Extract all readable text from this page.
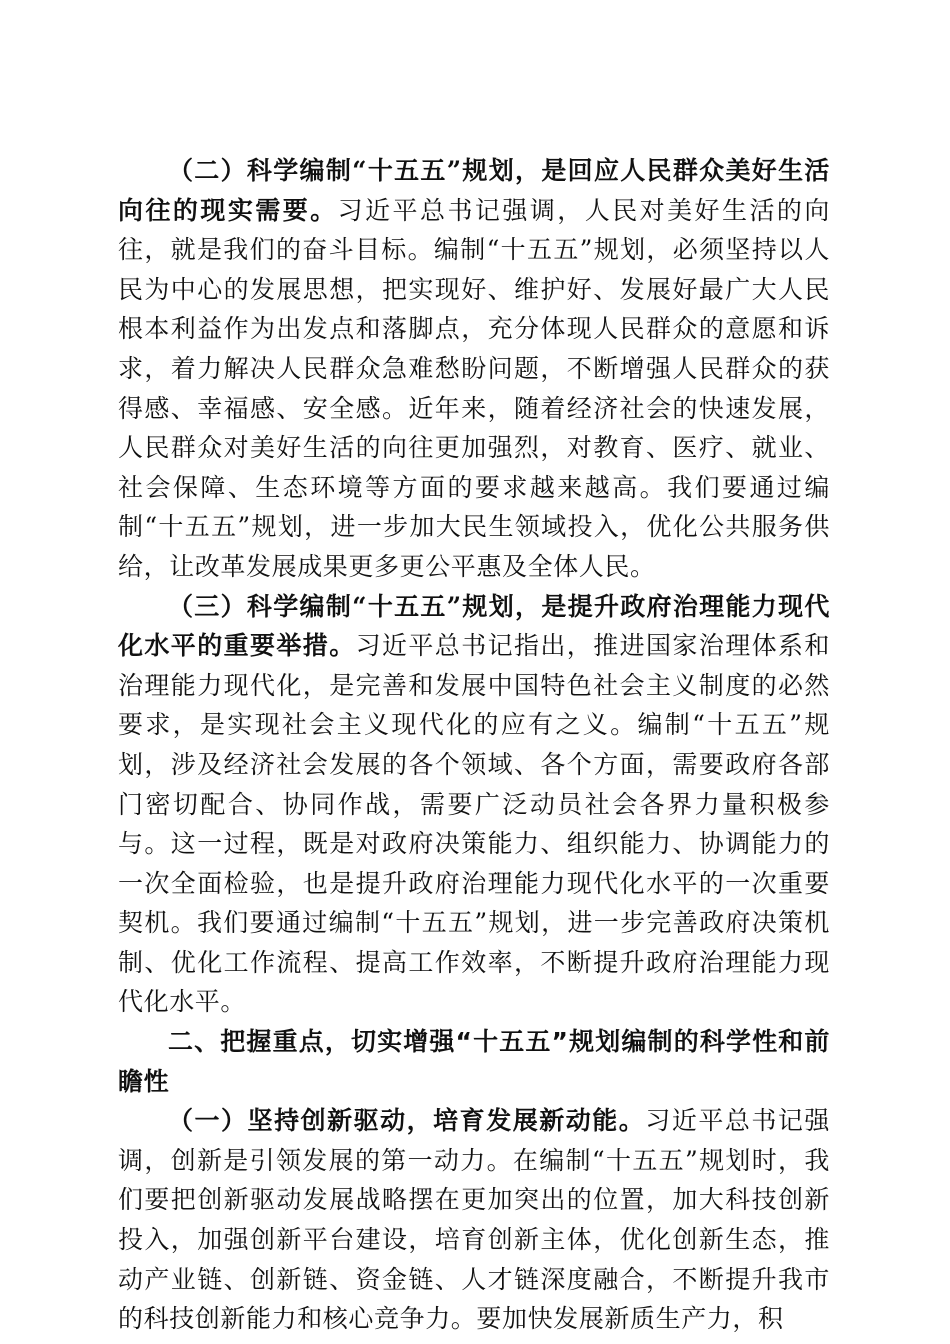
（二）科学编制“十五五”规划，是回应人民群众美好生活向往的现实需要。习近平总书记强调，人民对美好生活的向往，就是我们的奋斗目标。编制“十五五”规划，必须坚持以人民为中心的发展思想，把实现好、维护好、发展好最广大人民根本利益作为出发点和落脚点，充分体现人民群众的意愿和诉求，着力解决人民群众急难愁盼问题，不断增强人民群众的获得感、幸福感、安全感。近年来，随着经济社会的快速发展，人民群众对美好生活的向往更加强烈，对教育、医疗、就业、社会保障、生态环境等方面的要求越来越高。我们要通过编制“十五五”规划，进一步加大民生领域投入，优化公共服务供给，让改革发展成果更多更公平惠及全体人民。

（三）科学编制“十五五”规划，是提升政府治理能力现代化水平的重要举措。习近平总书记指出，推进国家治理体系和治理能力现代化，是完善和发展中国特色社会主义制度的必然要求，是实现社会主义现代化的应有之义。编制“十五五”规划，涉及经济社会发展的各个领域、各个方面，需要政府各部门密切配合、协同作战，需要广泛动员社会各界力量积极参与。这一过程，既是对政府决策能力、组织能力、协调能力的一次全面检验，也是提升政府治理能力现代化水平的一次重要契机。我们要通过编制“十五五”规划，进一步完善政府决策机制、优化工作流程、提高工作效率，不断提升政府治理能力现代化水平。

二、把握重点，切实增强“十五五”规划编制的科学性和前瞻性

（一）坚持创新驱动，培育发展新动能。习近平总书记强调，创新是引领发展的第一动力。在编制“十五五”规划时，我们要把创新驱动发展战略摆在更加突出的位置，加大科技创新投入，加强创新平台建设，培育创新主体，优化创新生态，推动产业链、创新链、资金链、人才链深度融合，不断提升我市的科技创新能力和核心竞争力。要加快发展新质生产力，积
